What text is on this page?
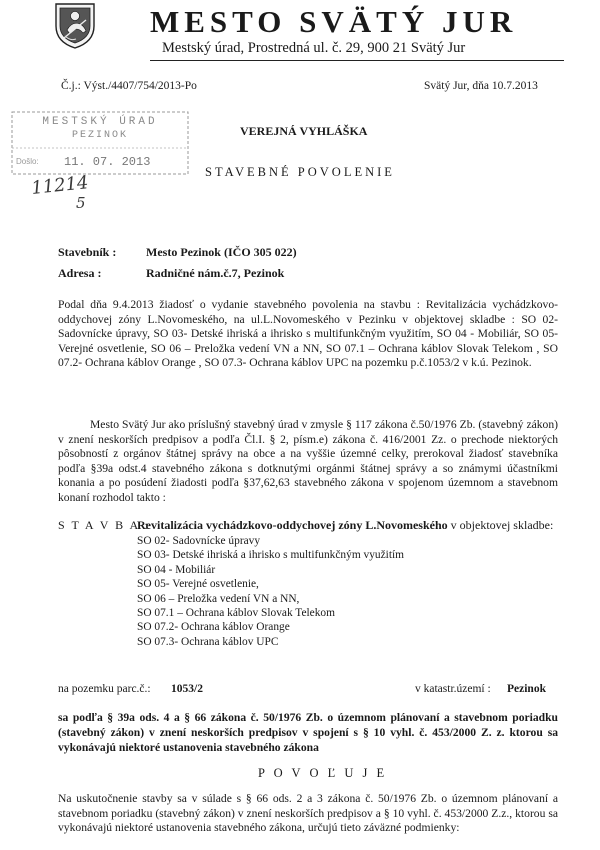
MESTO SVÄTÝ JUR
Mestský úrad, Prostredná ul. č. 29, 900 21 Svätý Jur
Č.j.: Výst./4407/754/2013-Po	Svätý Jur, dňa 10.7.2013
MESTSKÝ ÚRAD
PEZINOK
Došlo: 11. 07. 2013
11214
5
VEREJNÁ VYHLÁŠKA
STAVEBNÉ POVOLENIE
Stavebník : Mesto Pezinok (IČO 305 022)
Adresa :	Radničné nám.č.7, Pezinok
Podal dňa 9.4.2013 žiadosť o vydanie stavebného povolenia na stavbu : Revitalizácia vychádzkovo-oddychovej zóny L.Novomeského, na ul.L.Novomeského v Pezinku v objektovej skladbe : SO 02- Sadovnícke úpravy, SO 03- Detské ihriská a ihrisko s multifunkčným využitím, SO 04 - Mobiliár, SO 05- Verejné osvetlenie, SO 06 – Preložka vedení VN a NN, SO 07.1 – Ochrana káblov Slovak Telekom , SO 07.2- Ochrana káblov Orange , SO 07.3- Ochrana káblov UPC na pozemku p.č.1053/2 v k.ú. Pezinok.
Mesto Svätý Jur ako príslušný stavebný úrad v zmysle § 117 zákona č.50/1976 Zb. (stavebný zákon) v znení neskorších predpisov a podľa Čl.I. § 2, písm.e) zákona č. 416/2001 Zz. o prechode niektorých pôsobností z orgánov štátnej správy na obce a na vyššie územné celky, prerokoval žiadosť stavebníka podľa §39a odst.4 stavebného zákona s dotknutými orgánmi štátnej správy a so známymi účastníkmi konania a po posúdení žiadosti podľa §37,62,63 stavebného zákona v spojenom územnom a stavebnom konaní rozhodol takto :
S T A V B A :
Revitalizácia vychádzkovo-oddychovej zóny L.Novomeského v objektovej skladbe:
SO 02- Sadovnícke úpravy
SO 03- Detské ihriská a ihrisko s multifunkčným využitím
SO 04 - Mobiliár
SO 05- Verejné osvetlenie,
SO 06 – Preložka vedení VN a NN,
SO 07.1 – Ochrana káblov Slovak Telekom
SO 07.2- Ochrana káblov Orange
SO 07.3- Ochrana káblov UPC
na pozemku parc.č.: 1053/2	v katastr.území : Pezinok
sa podľa § 39a ods. 4 a § 66 zákona č. 50/1976 Zb. o územnom plánovaní a stavebnom poriadku (stavebný zákon) v znení neskorších predpisov v spojení s § 10 vyhl. č. 453/2000 Z. z. ktorou sa vykonávajú niektoré ustanovenia stavebného zákona
P O V O Ľ U J E
Na uskutočnenie stavby sa v súlade s § 66 ods. 2 a 3 zákona č. 50/1976 Zb. o územnom plánovaní a stavebnom poriadku (stavebný zákon) v znení neskorších predpisov a § 10 vyhl. č. 453/2000 Z.z., ktorou sa vykonávajú niektoré ustanovenia stavebného zákona, určujú tieto záväzné podmienky:
